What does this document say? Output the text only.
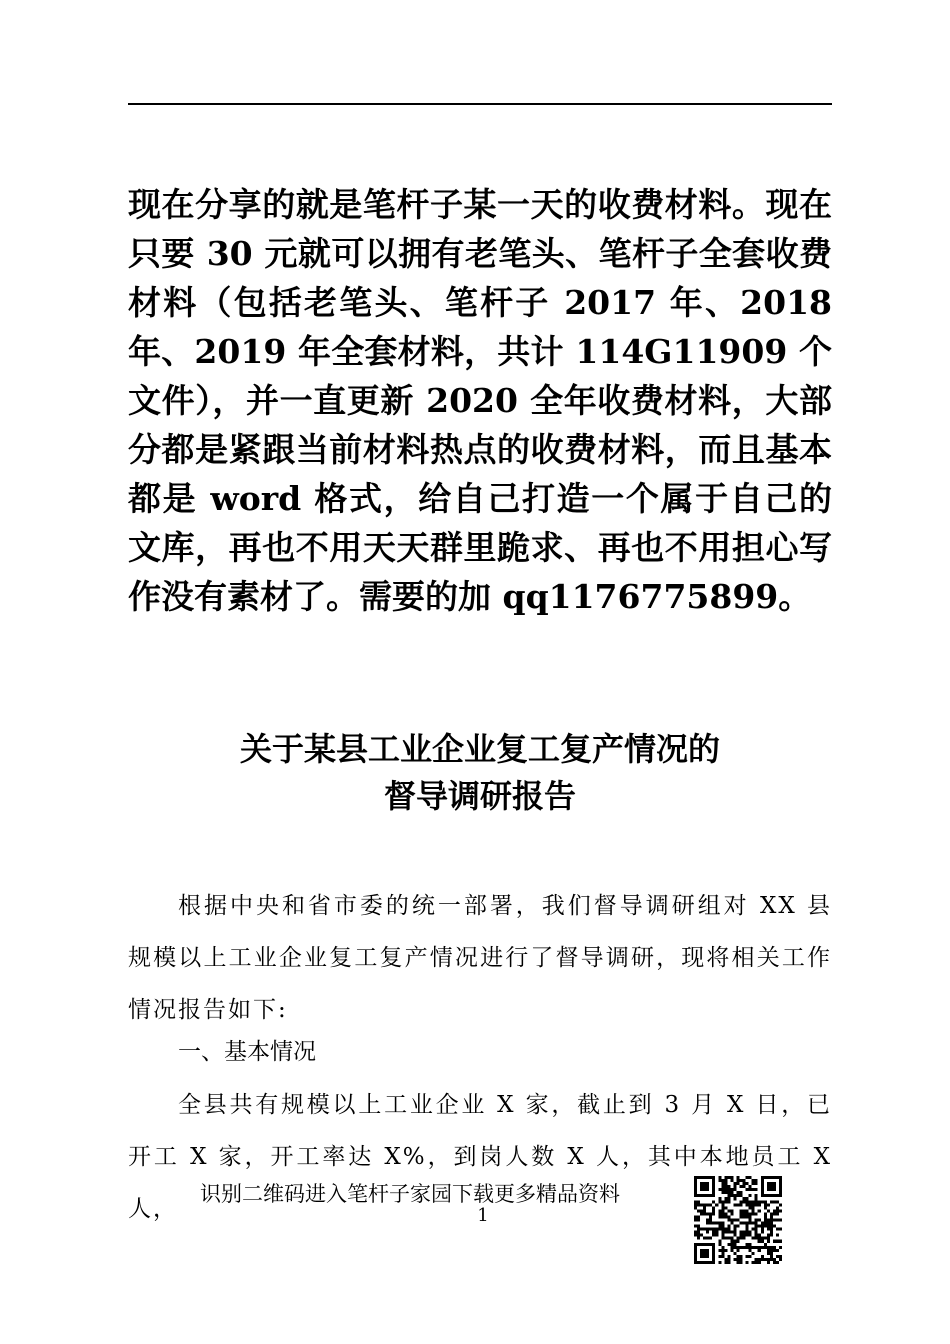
现在分享的就是笔杆子某一天的收费材料。现在只要 30 元就可以拥有老笔头、笔杆子全套收费材料（包括老笔头、笔杆子 2017 年、2018 年、2019 年全套材料，共计 114G11909 个文件），并一直更新 2020 全年收费材料，大部分都是紧跟当前材料热点的收费材料，而且基本都是 word 格式，给自己打造一个属于自己的文库，再也不用天天群里跪求、再也不用担心写作没有素材了。需要的加 qq1176775899。

关于某县工业企业复工复产情况的
督导调研报告

根据中央和省市委的统一部署，我们督导调研组对 XX 县规模以上工业企业复工复产情况进行了督导调研，现将相关工作情况报告如下:

一、基本情况

全县共有规模以上工业企业 X 家，截止到 3 月 X 日，已开工 X 家，开工率达 X%，到岗人数 X 人，其中本地员工 X 人，

识别二维码进入笔杆子家园下载更多精品资料

1
